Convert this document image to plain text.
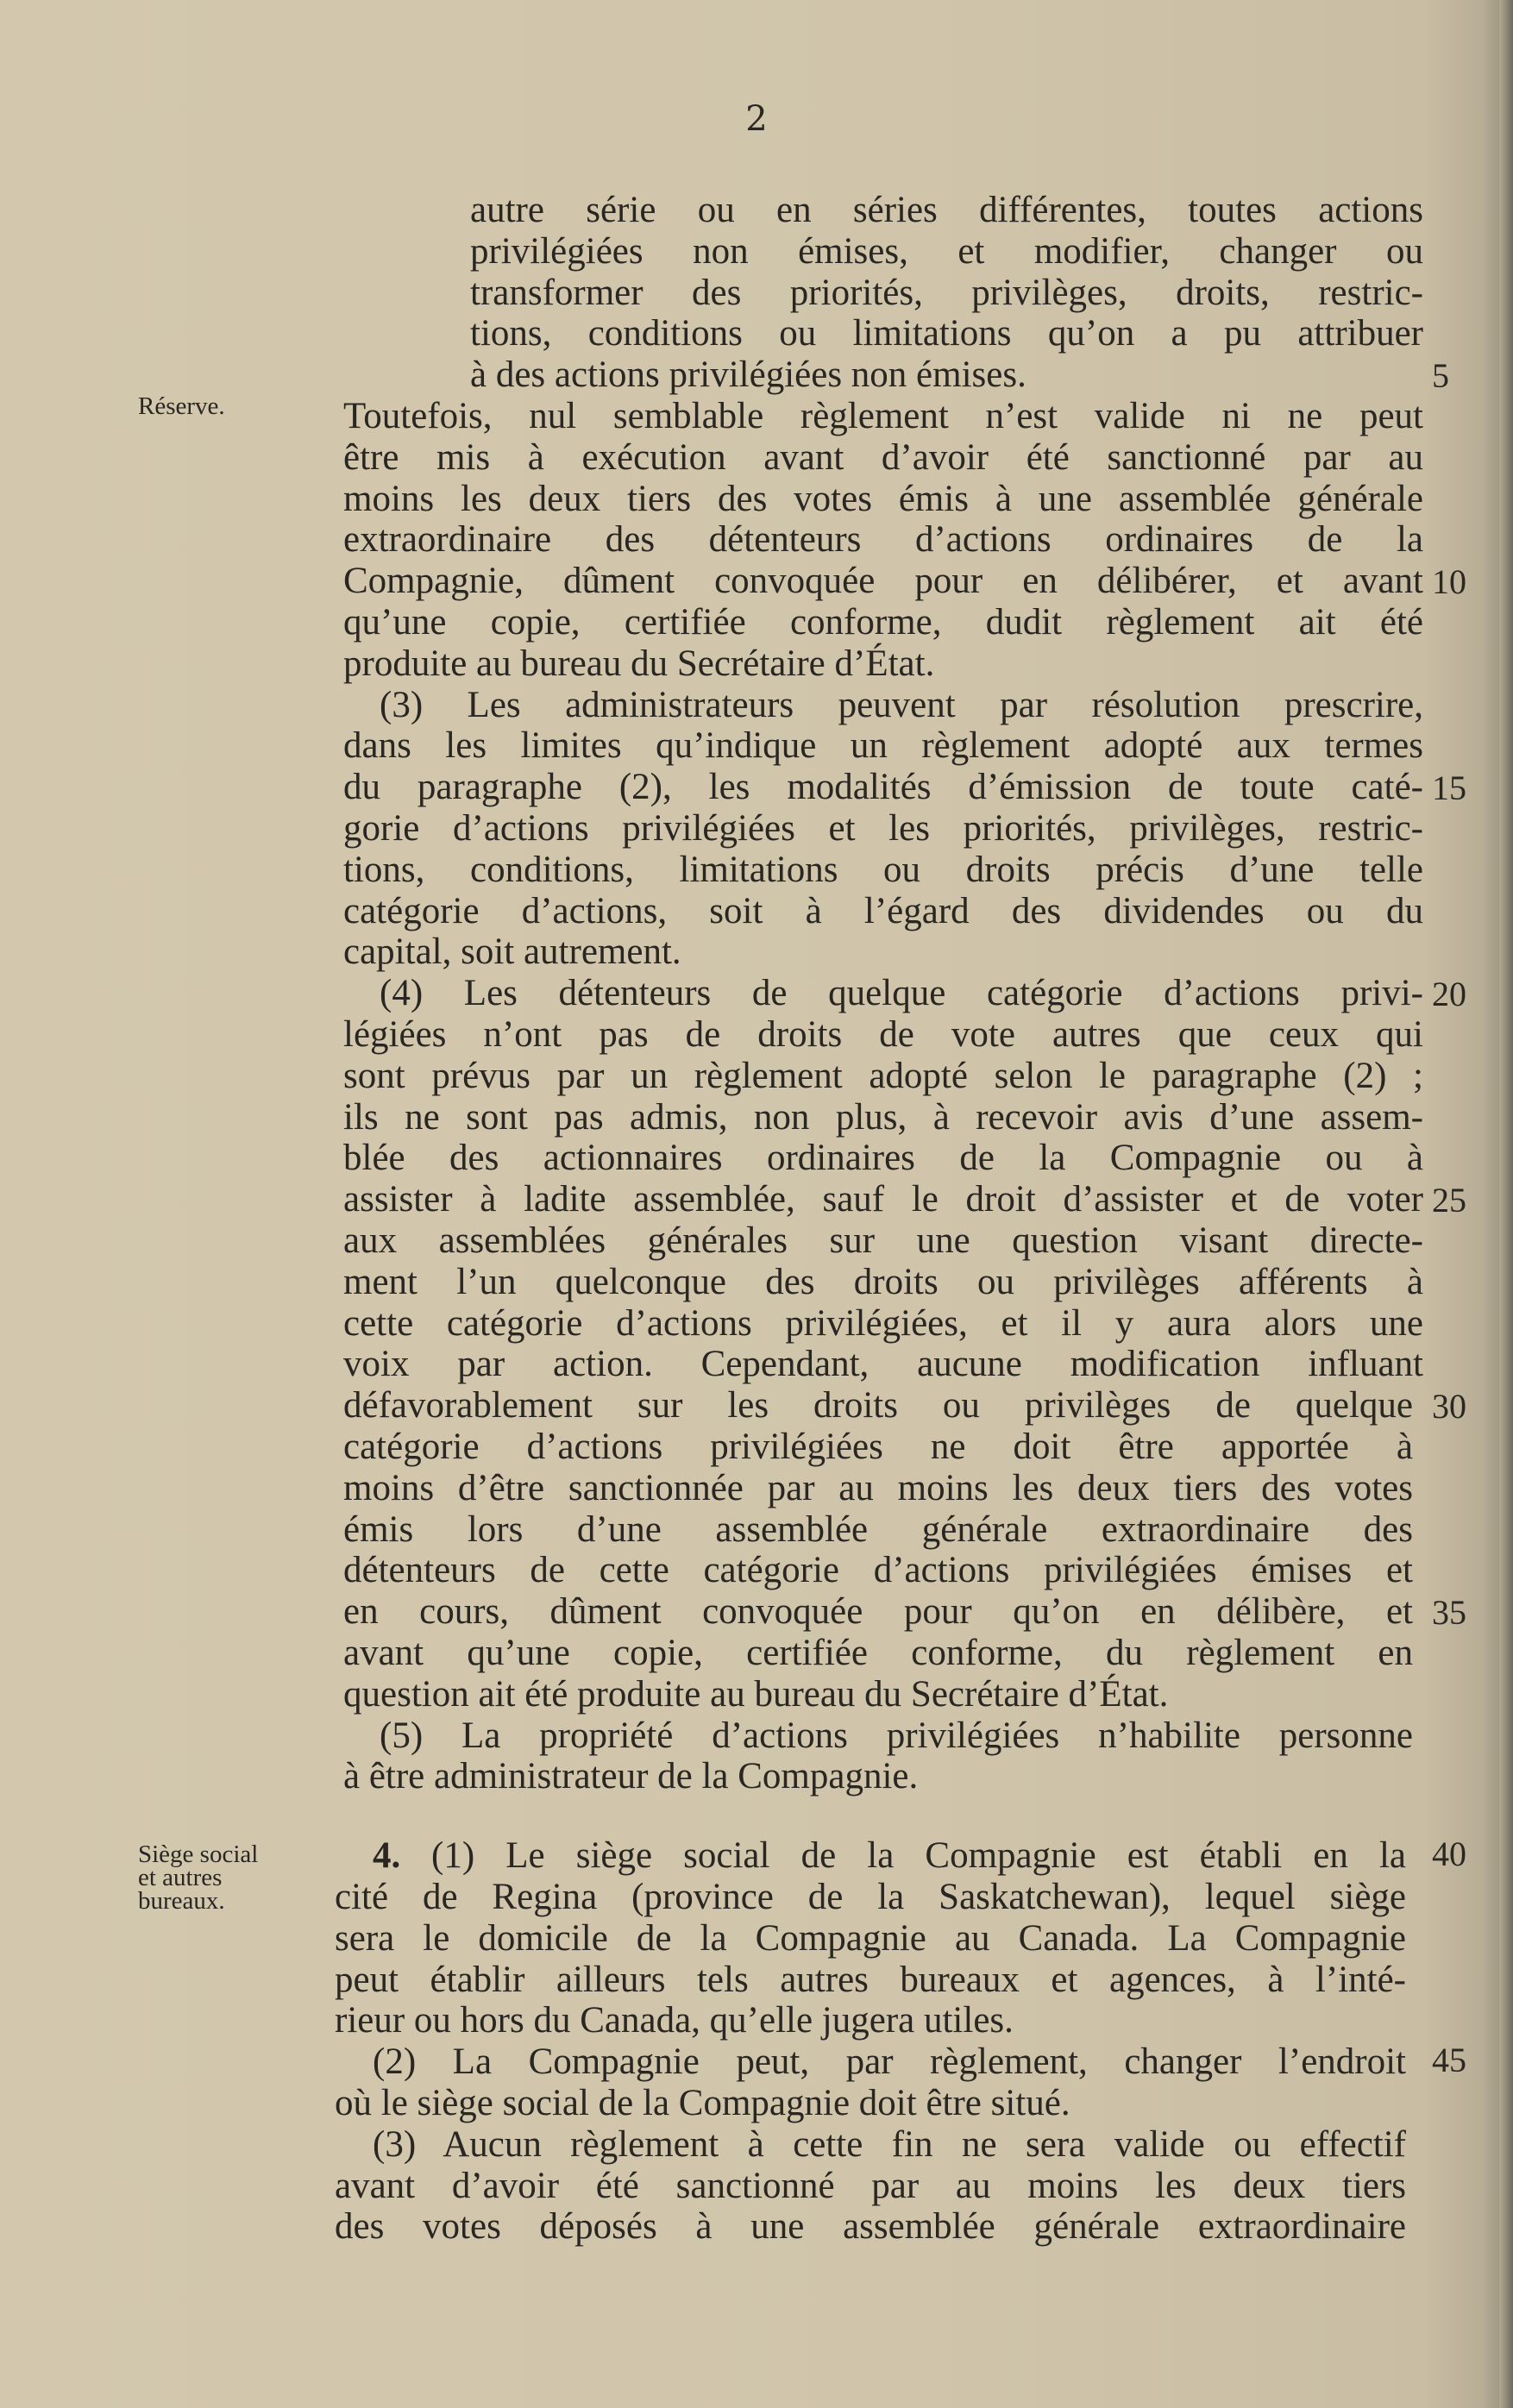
2
Réserve.
Siège social
et autres
bureaux.
5
10
15
20
25
30
35
40
45
autre série ou en séries différentes, toutes actions
privilégiées non émises, et modifier, changer ou
transformer des priorités, privilèges, droits, restric-
tions, conditions ou limitations qu’on a pu attribuer
à des actions privilégiées non émises.
Toutefois, nul semblable règlement n’est valide ni ne peut
être mis à exécution avant d’avoir été sanctionné par au
moins les deux tiers des votes émis à une assemblée générale
extraordinaire des détenteurs d’actions ordinaires de la
Compagnie, dûment convoquée pour en délibérer, et avant
qu’une copie, certifiée conforme, dudit règlement ait été
produite au bureau du Secrétaire d’État.
(3) Les administrateurs peuvent par résolution prescrire,
dans les limites qu’indique un règlement adopté aux termes
du paragraphe (2), les modalités d’émission de toute caté-
gorie d’actions privilégiées et les priorités, privilèges, restric-
tions, conditions, limitations ou droits précis d’une telle
catégorie d’actions, soit à l’égard des dividendes ou du
capital, soit autrement.
(4) Les détenteurs de quelque catégorie d’actions privi-
légiées n’ont pas de droits de vote autres que ceux qui
sont prévus par un règlement adopté selon le paragraphe (2) ;
ils ne sont pas admis, non plus, à recevoir avis d’une assem-
blée des actionnaires ordinaires de la Compagnie ou à
assister à ladite assemblée, sauf le droit d’assister et de voter
aux assemblées générales sur une question visant directe-
ment l’un quelconque des droits ou privilèges afférents à
cette catégorie d’actions privilégiées, et il y aura alors une
voix par action. Cependant, aucune modification influant
défavorablement sur les droits ou privilèges de quelque
catégorie d’actions privilégiées ne doit être apportée à
moins d’être sanctionnée par au moins les deux tiers des votes
émis lors d’une assemblée générale extraordinaire des
détenteurs de cette catégorie d’actions privilégiées émises et
en cours, dûment convoquée pour qu’on en délibère, et
avant qu’une copie, certifiée conforme, du règlement en
question ait été produite au bureau du Secrétaire d’État.
(5) La propriété d’actions privilégiées n’habilite personne
à être administrateur de la Compagnie.
4. (1) Le siège social de la Compagnie est établi en la
cité de Regina (province de la Saskatchewan), lequel siège
sera le domicile de la Compagnie au Canada. La Compagnie
peut établir ailleurs tels autres bureaux et agences, à l’inté-
rieur ou hors du Canada, qu’elle jugera utiles.
(2) La Compagnie peut, par règlement, changer l’endroit
où le siège social de la Compagnie doit être situé.
(3) Aucun règlement à cette fin ne sera valide ou effectif
avant d’avoir été sanctionné par au moins les deux tiers
des votes déposés à une assemblée générale extraordinaire
